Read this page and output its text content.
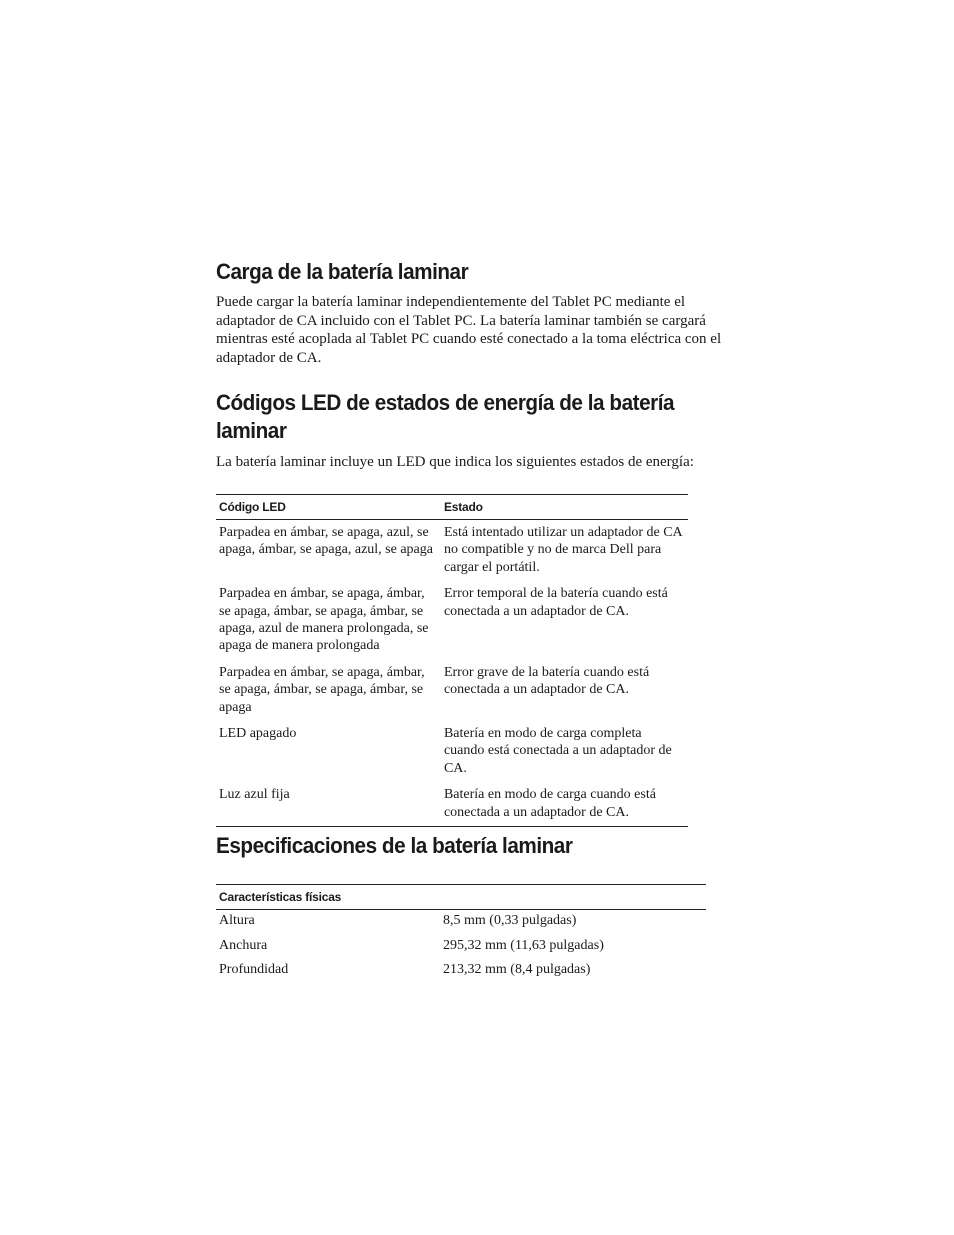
Carga de la batería laminar

Puede cargar la batería laminar independientemente del Tablet PC mediante el adaptador de CA incluido con el Tablet PC. La batería laminar también se cargará mientras esté acoplada al Tablet PC cuando esté conectado a la toma eléctrica con el adaptador de CA.

Códigos LED de estados de energía de la batería
laminar

La batería laminar incluye un LED que indica los siguientes estados de energía:

Código LED	Estado
Parpadea en ámbar, se apaga, azul, se apaga, ámbar, se apaga, azul, se apaga	Está intentado utilizar un adaptador de CA no compatible y no de marca Dell para cargar el portátil.
Parpadea en ámbar, se apaga, ámbar, se apaga, ámbar, se apaga, ámbar, se apaga, azul de manera prolongada, se apaga de manera prolongada	Error temporal de la batería cuando está conectada a un adaptador de CA.
Parpadea en ámbar, se apaga, ámbar, se apaga, ámbar, se apaga, ámbar, se apaga	Error grave de la batería cuando está conectada a un adaptador de CA.
LED apagado	Batería en modo de carga completa cuando está conectada a un adaptador de CA.
Luz azul fija	Batería en modo de carga cuando está conectada a un adaptador de CA.
Especificaciones de la batería laminar
Características físicas	
Altura	8,5 mm (0,33 pulgadas)
Anchura	295,32 mm (11,63 pulgadas)
Profundidad	213,32 mm (8,4 pulgadas)
